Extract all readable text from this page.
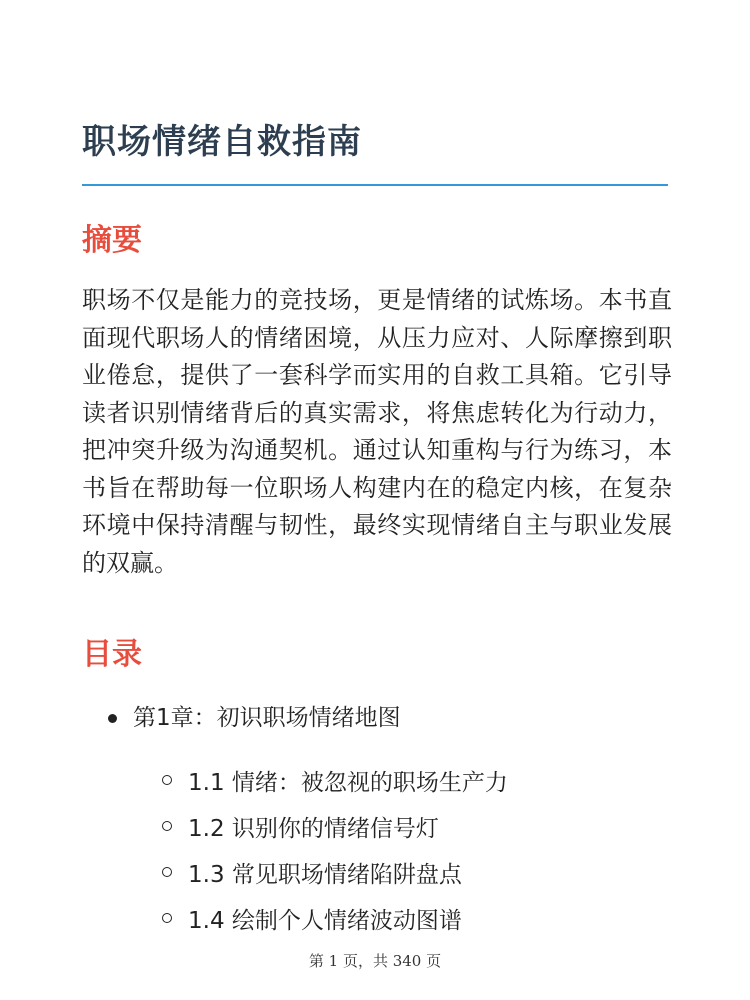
职场情绪自救指南
摘要

职场不仅是能力的竞技场，更是情绪的试炼场。本书直面现代职场人的情绪困境，从压力应对、人际摩擦到职业倦怠，提供了一套科学而实用的自救工具箱。它引导读者识别情绪背后的真实需求，将焦虑转化为行动力，把冲突升级为沟通契机。通过认知重构与行为练习，本书旨在帮助每一位职场人构建内在的稳定内核，在复杂环境中保持清醒与韧性，最终实现情绪自主与职业发展的双赢。

目录
第1章：初识职场情绪地图
1.1 情绪：被忽视的职场生产力
1.2 识别你的情绪信号灯
1.3 常见职场情绪陷阱盘点
1.4 绘制个人情绪波动图谱
第 1 页，共 340 页
